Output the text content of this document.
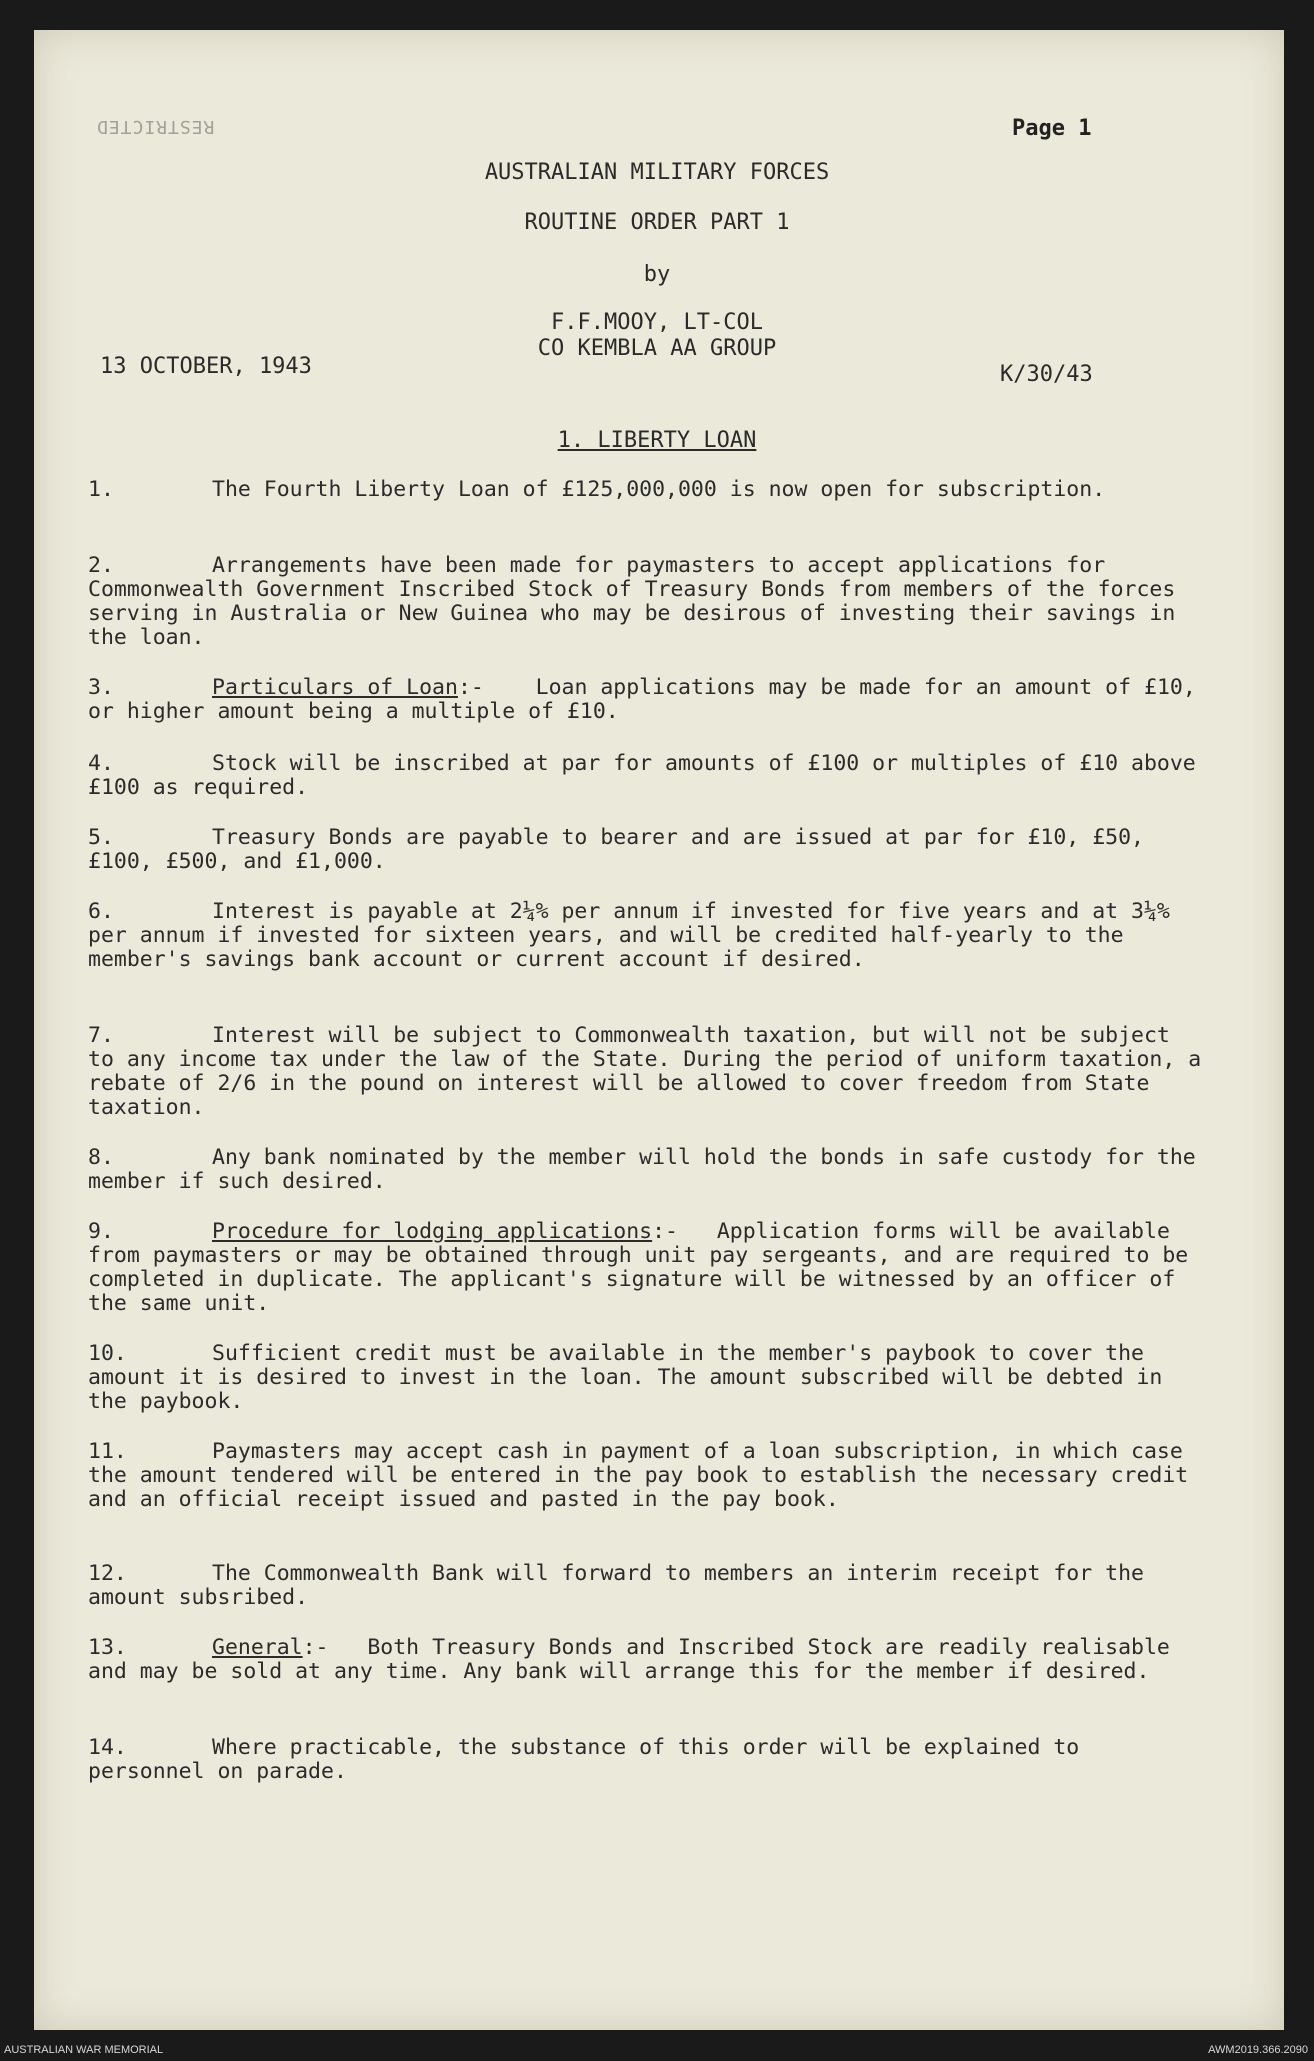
RESTRICTED	Page 1
AUSTRALIAN MILITARY FORCES
ROUTINE ORDER PART 1
by
F.F.MOOY, LT-COL
CO KEMBLA AA GROUP
13 OCTOBER, 1943	K/30/43
1. LIBERTY LOAN
1.	The Fourth Liberty Loan of £125,000,000 is now open for subscription.
2.	Arrangements have been made for paymasters to accept applications for Commonwealth Government Inscribed Stock of Treasury Bonds from members of the forces serving in Australia or New Guinea who may be desirous of investing their savings in the loan.
3.	Particulars of Loan:-    Loan applications may be made for an amount of £10, or higher amount being a multiple of £10.
4.	Stock will be inscribed at par for amounts of £100 or multiples of £10 above £100 as required.
5.	Treasury Bonds are payable to bearer and are issued at par for £10, £50, £100, £500, and £1,000.
6.	Interest is payable at 2¼% per annum if invested for five years and at 3¼% per annum if invested for sixteen years, and will be credited half-yearly to the member's savings bank account or current account if desired.
7.	Interest will be subject to Commonwealth taxation, but will not be subject to any income tax under the law of the State. During the period of uniform taxation, a rebate of 2/6 in the pound on interest will be allowed to cover freedom from State taxation.
8.	Any bank nominated by the member will hold the bonds in safe custody for the member if such desired.
9.	Procedure for lodging applications:-   Application forms will be available from paymasters or may be obtained through unit pay sergeants, and are required to be completed in duplicate. The applicant's signature will be witnessed by an officer of the same unit.
10.	Sufficient credit must be available in the member's paybook to cover the amount it is desired to invest in the loan. The amount subscribed will be debted in the paybook.
11.	Paymasters may accept cash in payment of a loan subscription, in which case the amount tendered will be entered in the pay book to establish the necessary credit and an official receipt issued and pasted in the pay book.
12.	The Commonwealth Bank will forward to members an interim receipt for the amount subsribed.
13.	General:-   Both Treasury Bonds and Inscribed Stock are readily realisable and may be sold at any time. Any bank will arrange this for the member if desired.
14.	Where practicable, the substance of this order will be explained to personnel on parade.
AUSTRALIAN WAR MEMORIAL	AWM2019.366.2090
